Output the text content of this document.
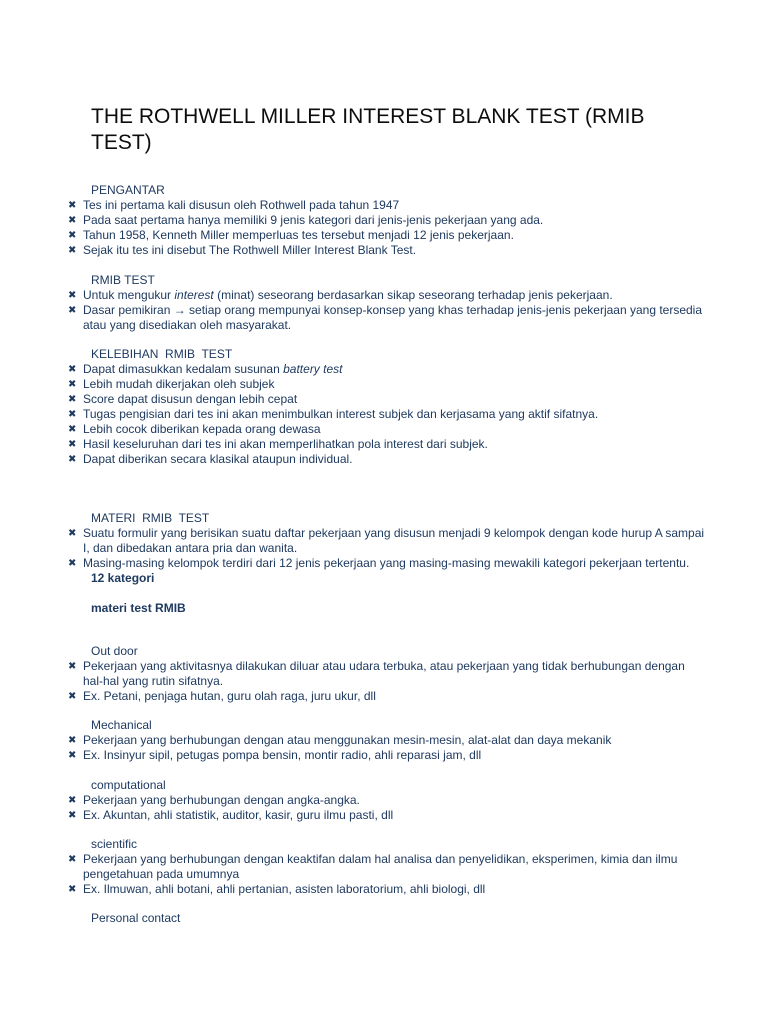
THE ROTHWELL MILLER INTEREST BLANK TEST (RMIB TEST)
PENGANTAR
✖ Tes ini pertama kali disusun oleh Rothwell pada tahun 1947
✖ Pada saat pertama hanya memiliki 9 jenis kategori dari jenis-jenis pekerjaan yang ada.
✖ Tahun 1958, Kenneth Miller memperluas tes tersebut menjadi 12 jenis pekerjaan.
✖ Sejak itu tes ini disebut The Rothwell Miller Interest Blank Test.
RMIB TEST
✖ Untuk mengukur interest (minat) seseorang berdasarkan sikap seseorang terhadap jenis pekerjaan.
✖ Dasar pemikiran → setiap orang mempunyai konsep-konsep yang khas terhadap jenis-jenis pekerjaan yang tersedia atau yang disediakan oleh masyarakat.
KELEBIHAN  RMIB  TEST
✖ Dapat dimasukkan kedalam susunan battery test
✖ Lebih mudah dikerjakan oleh subjek
✖ Score dapat disusun dengan lebih cepat
✖ Tugas pengisian dari tes ini akan menimbulkan interest subjek dan kerjasama yang aktif sifatnya.
✖ Lebih cocok diberikan kepada orang dewasa
✖ Hasil keseluruhan dari tes ini akan memperlihatkan pola interest dari subjek.
✖ Dapat diberikan secara klasikal ataupun individual.
MATERI  RMIB  TEST
✖ Suatu formulir yang berisikan suatu daftar pekerjaan yang disusun menjadi 9 kelompok dengan kode hurup A sampai I, dan dibedakan antara pria dan wanita.
✖ Masing-masing kelompok terdiri dari 12 jenis pekerjaan yang masing-masing mewakili kategori pekerjaan tertentu.
12 kategori
materi test RMIB
Out door
✖ Pekerjaan yang aktivitasnya dilakukan diluar atau udara terbuka, atau pekerjaan yang tidak berhubungan dengan hal-hal yang rutin sifatnya.
✖ Ex. Petani, penjaga hutan, guru olah raga, juru ukur, dll
Mechanical
✖ Pekerjaan yang berhubungan dengan atau menggunakan mesin-mesin, alat-alat dan daya mekanik
✖ Ex. Insinyur sipil, petugas pompa bensin, montir radio, ahli reparasi jam, dll
computational
✖ Pekerjaan yang berhubungan dengan angka-angka.
✖ Ex. Akuntan, ahli statistik, auditor, kasir, guru ilmu pasti, dll
scientific
✖ Pekerjaan yang berhubungan dengan keaktifan dalam hal analisa dan penyelidikan, eksperimen, kimia dan ilmu pengetahuan pada umumnya
✖ Ex. Ilmuwan, ahli botani, ahli pertanian, asisten laboratorium, ahli biologi, dll
Personal contact
